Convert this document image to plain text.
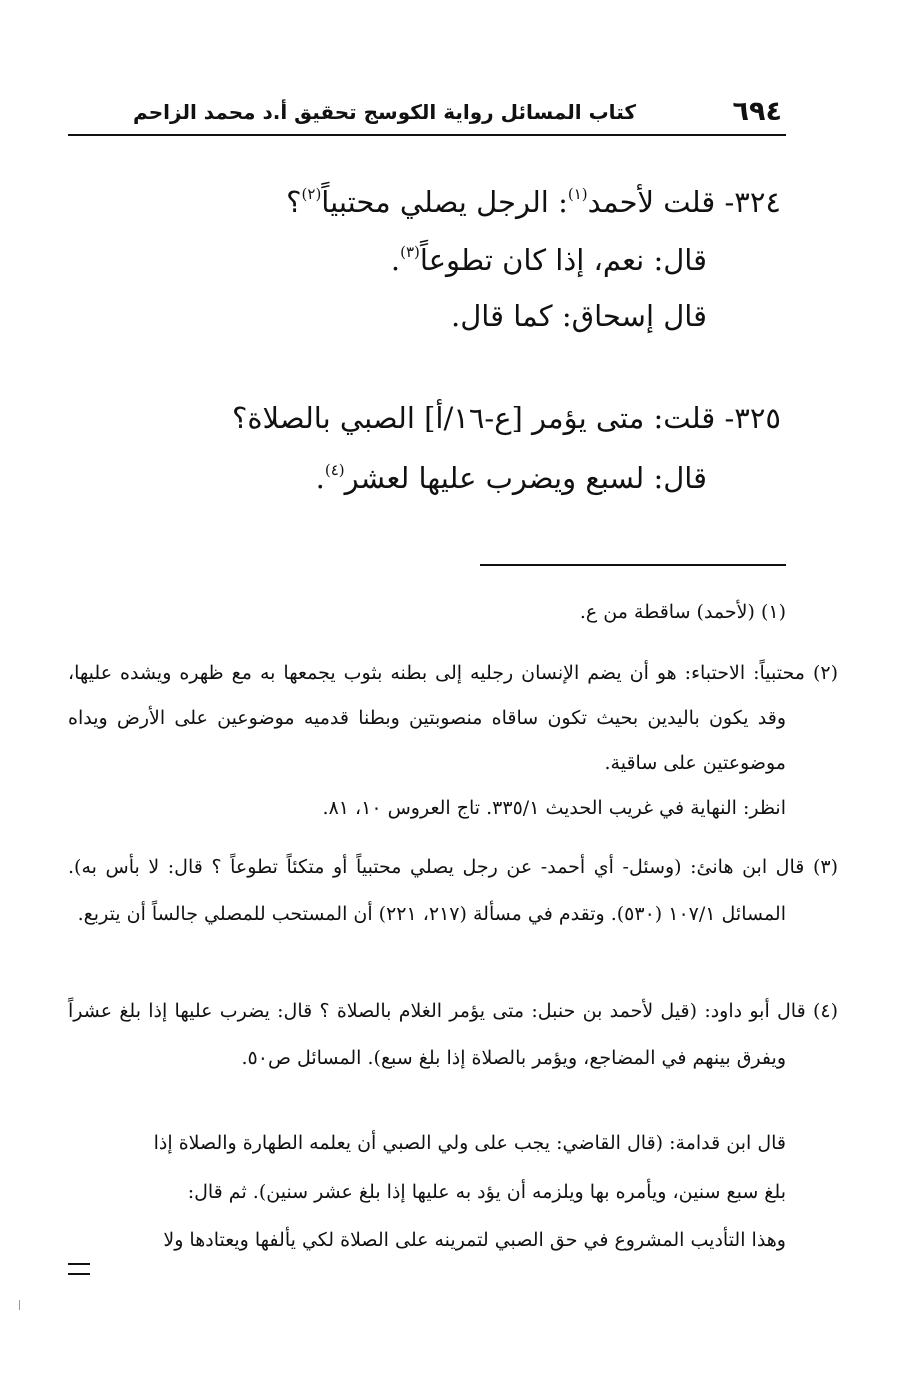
٦٩٤
كتاب المسائل رواية الكوسج تحقيق أ.د محمد الزاحم
٣٢٤- قلت لأحمد$^{(١)}$: الرجل يصلي محتبياً$^{(٢)}$؟
قال: نعم، إذا كان تطوعاً$^{(٣)}$.
قال إسحاق: كما قال.
٣٢٥- قلت: متى يؤمر [ع-١٦/أ] الصبي بالصلاة؟
قال: لسبع ويضرب عليها لعشر$^{(٤)}$.
(١) (لأحمد) ساقطة من ع.
(٢) محتبياً: الاحتباء: هو أن يضم الإنسان رجليه إلى بطنه بثوب يجمعها به مع ظهره ويشده عليها، وقد يكون باليدين بحيث تكون ساقاه منصوبتين وبطنا قدميه موضوعين على الأرض ويداه موضوعتين على ساقية.
انظر: النهاية في غريب الحديث ٣٣٥/١. تاج العروس ١٠، ٨١.
(٣) قال ابن هانئ: (وسئل- أي أحمد- عن رجل يصلي محتبياً أو متكئاً تطوعاً ؟ قال: لا بأس به). المسائل ١٠٧/١ (٥٣٠). وتقدم في مسألة (٢١٧، ٢٢١) أن المستحب للمصلي جالساً أن يتربع.
(٤) قال أبو داود: (قيل لأحمد بن حنبل: متى يؤمر الغلام بالصلاة ؟ قال: يضرب عليها إذا بلغ عشراً ويفرق بينهم في المضاجع، ويؤمر بالصلاة إذا بلغ سبع). المسائل ص٥٠.
قال ابن قدامة: (قال القاضي: يجب على ولي الصبي أن يعلمه الطهارة والصلاة إذا
بلغ سبع سنين، ويأمره بها ويلزمه أن يؤد به عليها إذا بلغ عشر سنين). ثم قال:
وهذا التأديب المشروع في حق الصبي لتمرينه على الصلاة لكي يألفها ويعتادها ولا
